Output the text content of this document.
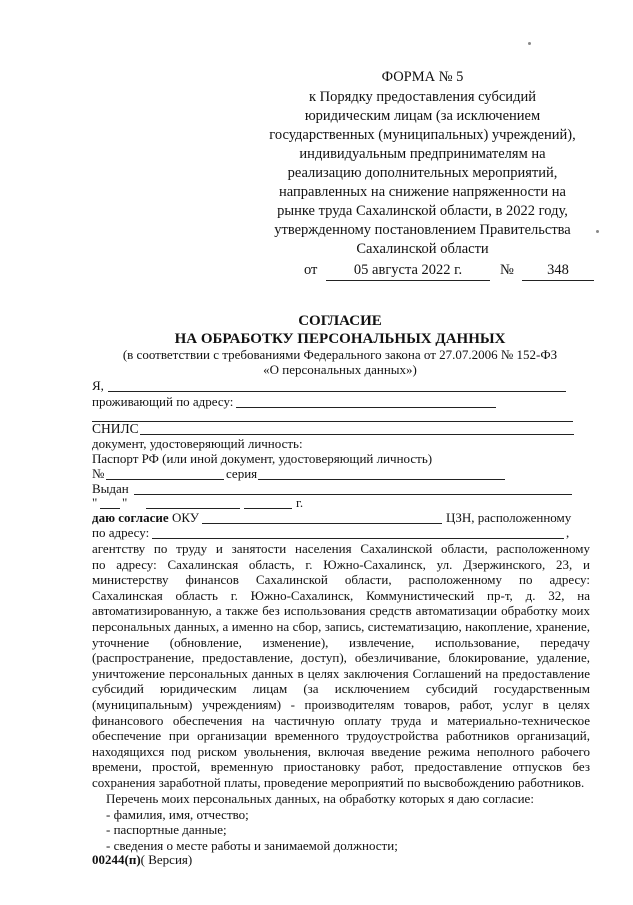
ФОРМА № 5
к Порядку предоставления субсидий
юридическим лицам (за исключением
государственных (муниципальных) учреждений),
индивидуальным предпринимателям на
реализацию дополнительных мероприятий,
направленных на снижение напряженности на
рынке труда Сахалинской области, в 2022 году,
утвержденному постановлением Правительства
Сахалинской области
от	05 августа 2022 г.	№	348
СОГЛАСИЕ
НА ОБРАБОТКУ ПЕРСОНАЛЬНЫХ ДАННЫХ
(в соответствии с требованиями Федерального закона от 27.07.2006 № 152-ФЗ
«О персональных данных»)
Я,
проживающий по адресу:
СНИЛС
документ, удостоверяющий личность:
Паспорт РФ (или иной документ, удостоверяющий личность)
№	серия
Выдан
" "	г.
даю согласие ОКУ	ЦЗН, расположенному
по адресу:	,
агентству по труду и занятости населения Сахалинской области, расположенному
по адресу: Сахалинская область, г. Южно-Сахалинск, ул. Дзержинского, 23, и
министерству финансов Сахалинской области, расположенному по адресу:
Сахалинская область г. Южно-Сахалинск, Коммунистический пр-т, д. 32, на
автоматизированную, а также без использования средств автоматизации обработку моих
персональных данных, а именно на сбор, запись, систематизацию, накопление, хранение,
уточнение (обновление, изменение), извлечение, использование, передачу
(распространение, предоставление, доступ), обезличивание, блокирование, удаление,
уничтожение персональных данных в целях заключения Соглашений на предоставление
субсидий юридическим лицам (за исключением субсидий государственным
(муниципальным) учреждениям) - производителям товаров, работ, услуг в целях
финансового обеспечения на частичную оплату труда и материально-техническое
обеспечение при организации временного трудоустройства работников организаций,
находящихся под риском увольнения, включая введение режима неполного рабочего
времени, простой, временную приостановку работ, предоставление отпусков без
сохранения заработной платы, проведение мероприятий по высвобождению работников.
Перечень моих персональных данных, на обработку которых я даю согласие:
- фамилия, имя, отчество;
- паспортные данные;
- сведения о месте работы и занимаемой должности;
00244(п)( Версия)
